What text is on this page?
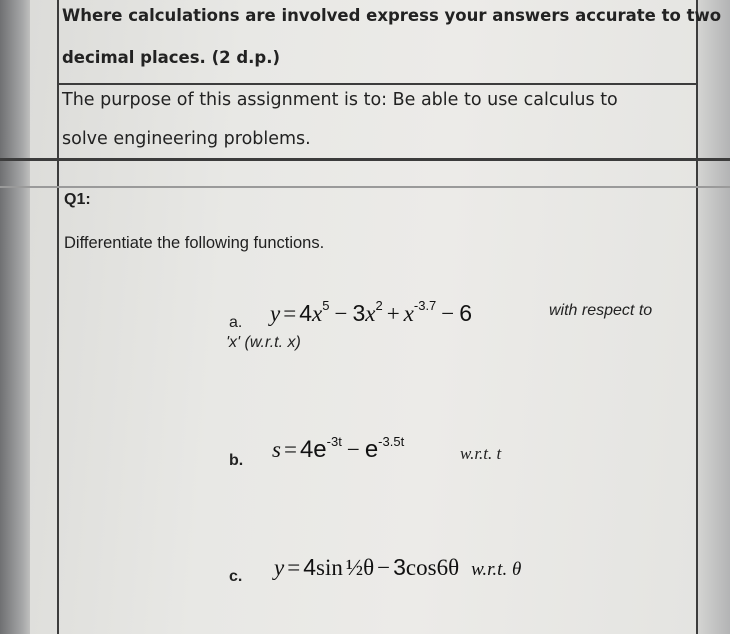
Where calculations are involved express your answers accurate to two
decimal places. (2 d.p.)
The purpose of this assignment is to: Be able to use calculus to
solve engineering problems.
Q1:
Differentiate the following functions.
a. $y = 4x^5 - 3x^2 + x^{-3.7} - 6$	with respect to
'x' (w.r.t. x)
b. $s = 4e^{-3t} - e^{-3.5t}$
w.r.t. t
c. y = 4sin ½θ − 3cos6θ w.r.t. θ
